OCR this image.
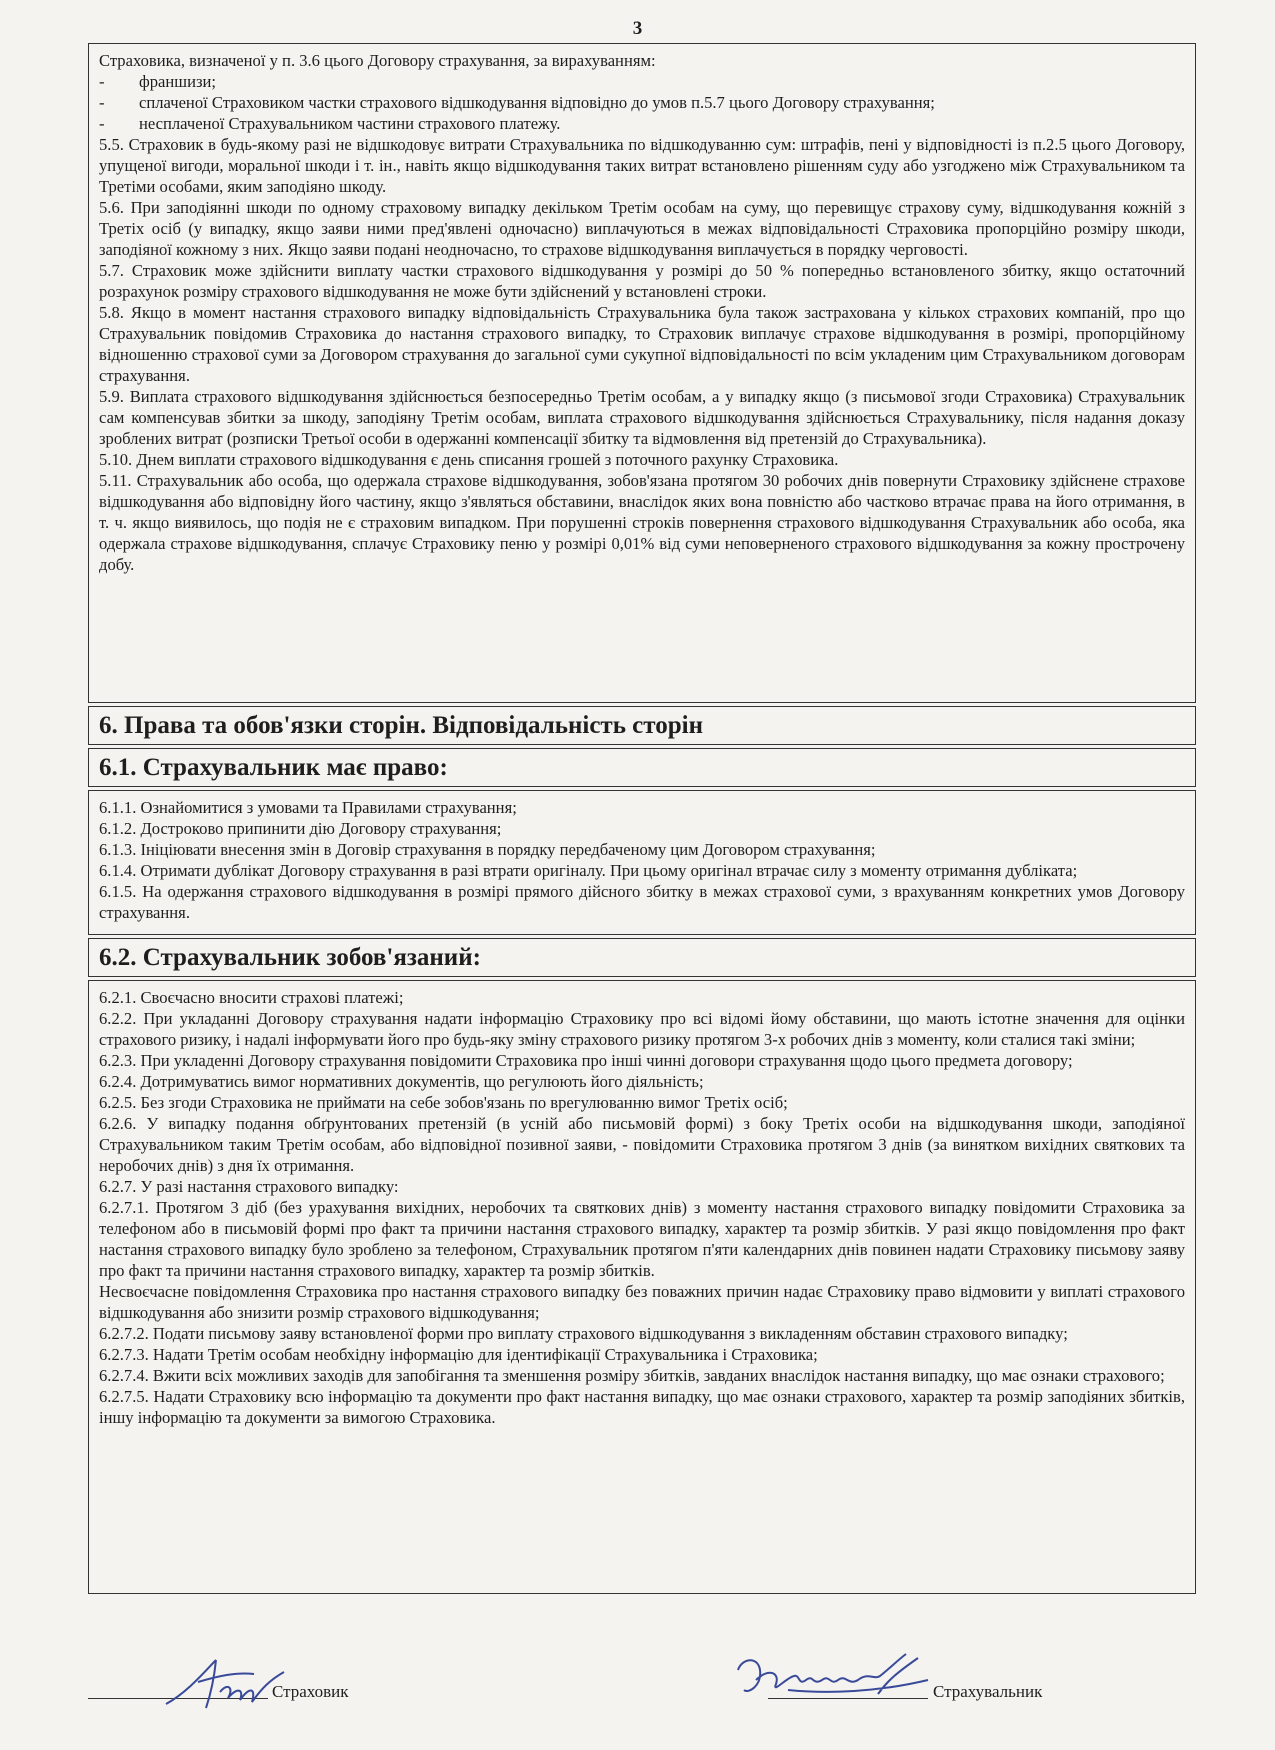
3

Страховика, визначеної у п. 3.6 цього Договору страхування, за вирахуванням:

-	франшизи;

-	сплаченої Страховиком частки страхового відшкодування відповідно до умов п.5.7 цього Договору страхування;

-	несплаченої Страхувальником частини страхового платежу.

5.5. Страховик в будь-якому разі не відшкодовує витрати Страхувальника по відшкодуванню сум: штрафів, пені у відповідності із п.2.5 цього Договору, упущеної вигоди, моральної шкоди і т. ін., навіть якщо відшкодування таких витрат встановлено рішенням суду або узгоджено між Страхувальником та Третіми особами, яким заподіяно шкоду.

5.6. При заподіянні шкоди по одному страховому випадку декільком Третім особам на суму, що перевищує страхову суму, відшкодування кожній з Третіх осіб (у випадку, якщо заяви ними пред'явлені одночасно) виплачуються в межах відповідальності Страховика пропорційно розміру шкоди, заподіяної кожному з них. Якщо заяви подані неодночасно, то страхове відшкодування виплачується в порядку черговості.

5.7. Страховик може здійснити виплату частки страхового відшкодування у розмірі до 50 % попередньо встановленого збитку, якщо остаточний розрахунок розміру страхового відшкодування не може бути здійснений у встановлені строки.

5.8. Якщо в момент настання страхового випадку відповідальність Страхувальника була також застрахована у кількох страхових компаній, про що Страхувальник повідомив Страховика до настання страхового випадку, то Страховик виплачує страхове відшкодування в розмірі, пропорційному відношенню страхової суми за Договором страхування до загальної суми сукупної відповідальності по всім укладеним цим Страхувальником договорам страхування.

5.9. Виплата страхового відшкодування здійснюється безпосередньо Третім особам, а у випадку якщо (з письмової згоди Страховика) Страхувальник сам компенсував збитки за шкоду, заподіяну Третім особам, виплата страхового відшкодування здійснюється Страхувальнику, після надання доказу зроблених витрат (розписки Третьої особи в одержанні компенсації збитку та відмовлення від претензій до Страхувальника).

5.10. Днем виплати страхового відшкодування є день списання грошей з поточного рахунку Страховика.

5.11. Страхувальник або особа, що одержала страхове відшкодування, зобов'язана протягом 30 робочих днів повернути Страховику здійснене страхове відшкодування або відповідну його частину, якщо з'являться обставини, внаслідок яких вона повністю або частково втрачає права на його отримання, в т. ч. якщо виявилось, що подія не є страховим випадком. При порушенні строків повернення страхового відшкодування Страхувальник або особа, яка одержала страхове відшкодування, сплачує Страховику пеню у розмірі 0,01% від суми неповерненого страхового відшкодування за кожну прострочену добу.

6. Права та обов'язки сторін. Відповідальність сторін
6.1. Страхувальник має право:

6.1.1. Ознайомитися з умовами та Правилами страхування;

6.1.2. Достроково припинити дію Договору страхування;

6.1.3. Ініціювати внесення змін в Договір страхування в порядку передбаченому цим Договором страхування;

6.1.4. Отримати дублікат Договору страхування в разі втрати оригіналу. При цьому оригінал втрачає силу з моменту отримання дубліката;

6.1.5. На одержання страхового відшкодування в розмірі прямого дійсного збитку в межах страхової суми, з врахуванням конкретних умов Договору страхування.

6.2. Страхувальник зобов'язаний:

6.2.1. Своєчасно вносити страхові платежі;

6.2.2. При укладанні Договору страхування надати інформацію Страховику про всі відомі йому обставини, що мають істотне значення для оцінки страхового ризику, і надалі інформувати його про будь-яку зміну страхового ризику протягом 3-х робочих днів з моменту, коли сталися такі зміни;

6.2.3. При укладенні Договору страхування повідомити Страховика про інші чинні договори страхування щодо цього предмета договору;

6.2.4. Дотримуватись вимог нормативних документів, що регулюють його діяльність;

6.2.5. Без згоди Страховика не приймати на себе зобов'язань по врегулюванню вимог Третіх осіб;

6.2.6. У випадку подання обґрунтованих претензій (в усній або письмовій формі) з боку Третіх особи на відшкодування шкоди, заподіяної Страхувальником таким Третім особам, або відповідної позивної заяви, - повідомити Страховика протягом 3 днів (за винятком вихідних святкових та неробочих днів) з дня їх отримання.

6.2.7. У разі настання страхового випадку:

6.2.7.1. Протягом 3 діб (без урахування вихідних, неробочих та святкових днів) з моменту настання страхового випадку повідомити Страховика за телефоном або в письмовій формі про факт та причини настання страхового випадку, характер та розмір збитків. У разі якщо повідомлення про факт настання страхового випадку було зроблено за телефоном, Страхувальник протягом п'яти календарних днів повинен надати Страховику письмову заяву про факт та причини настання страхового випадку, характер та розмір збитків.

Несвоєчасне повідомлення Страховика про настання страхового випадку без поважних причин надає Страховику право відмовити у виплаті страхового відшкодування або знизити розмір страхового відшкодування;

6.2.7.2. Подати письмову заяву встановленої форми про виплату страхового відшкодування з викладенням обставин страхового випадку;

6.2.7.3. Надати Третім особам необхідну інформацію для ідентифікації Страхувальника і Страховика;

6.2.7.4. Вжити всіх можливих заходів для запобігання та зменшення розміру збитків, завданих внаслідок настання випадку, що має ознаки страхового;

6.2.7.5. Надати Страховику всю інформацію та документи про факт настання випадку, що має ознаки страхового, характер та розмір заподіяних збитків, іншу інформацію та документи за вимогою Страховика.

Страховик	Страхувальник
